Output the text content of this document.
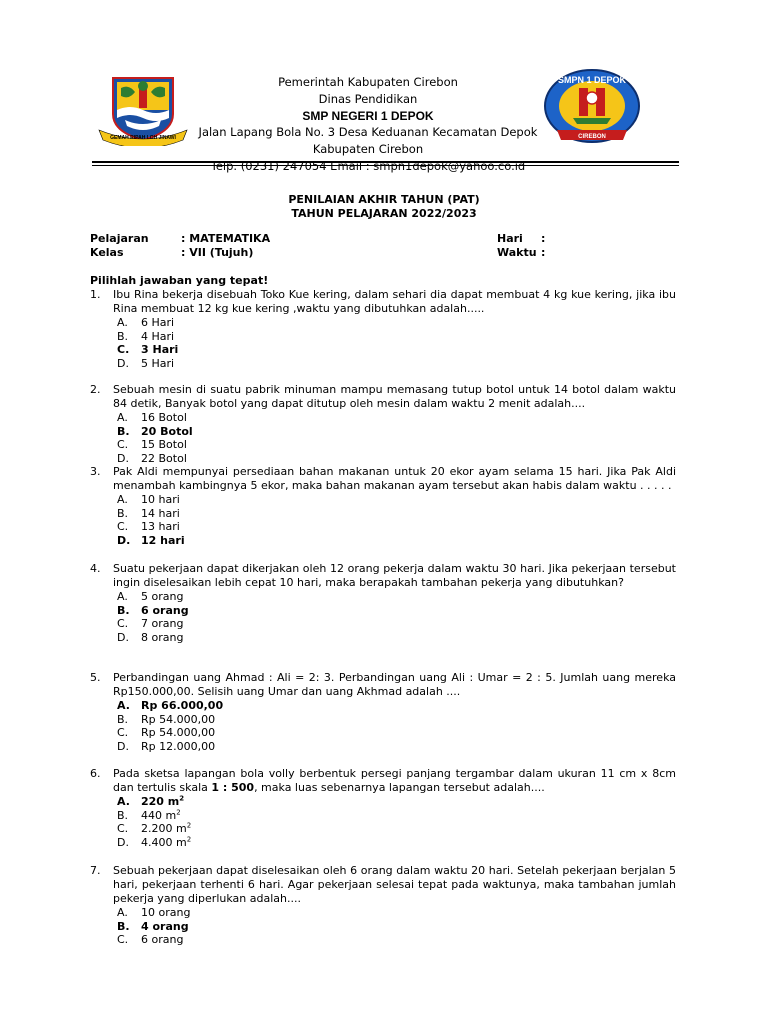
GEMAH RIPAH LOH JINAWI
SMPN 1 DEPOK
CIREBON
Pemerintah Kabupaten Cirebon
Dinas Pendidikan
SMP NEGERI 1 DEPOK
Jalan Lapang Bola No. 3 Desa Keduanan Kecamatan Depok
Kabupaten Cirebon
PENILAIAN AKHIR TAHUN (PAT)
TAHUN PELAJARAN 2022/2023
Pelajaran	: MATEMATIKA
Kelas	: VII (Tujuh)
Hari :
Waktu :
Pilihlah jawaban yang tepat!
1. Ibu Rina bekerja disebuah Toko Kue kering, dalam sehari dia dapat membuat 4 kg kue kering, jika ibu Rina membuat 12 kg kue kering ,waktu yang dibutuhkan adalah.....
A. 6 Hari
B. 4 Hari
C. 3 Hari
D. 5 Hari
2. Sebuah mesin di suatu pabrik minuman mampu memasang tutup botol untuk 14 botol dalam waktu 84 detik, Banyak botol yang dapat ditutup oleh mesin dalam waktu 2 menit adalah....
A. 16 Botol
B. 20 Botol
C. 15 Botol
D. 22 Botol
3. Pak Aldi mempunyai persediaan bahan makanan untuk 20 ekor ayam selama 15 hari. Jika Pak Aldi menambah kambingnya 5 ekor, maka bahan makanan ayam tersebut akan habis dalam waktu . . . . .
A. 10 hari
B. 14 hari
C. 13 hari
D. 12 hari
4. Suatu pekerjaan dapat dikerjakan oleh 12 orang pekerja dalam waktu 30 hari. Jika pekerjaan tersebut ingin diselesaikan lebih cepat 10 hari, maka berapakah tambahan pekerja yang dibutuhkan?
A. 5 orang
B. 6 orang
C. 7 orang
D. 8 orang
5. Perbandingan uang Ahmad : Ali = 2: 3. Perbandingan uang Ali : Umar = 2 : 5. Jumlah uang mereka Rp150.000,00. Selisih uang Umar dan uang Akhmad adalah ....
A. Rp 66.000,00
B. Rp 54.000,00
C. Rp 54.000,00
D. Rp 12.000,00
6. Pada sketsa lapangan bola volly berbentuk persegi panjang tergambar dalam ukuran 11 cm x 8cm dan tertulis skala 1 : 500, maka luas sebenarnya lapangan tersebut adalah....
A. 220 $m^2$
B. 440 $m^2$
C. 2.200 $m^2$
D. 4.400 $m^2$
7. Sebuah pekerjaan dapat diselesaikan oleh 6 orang dalam waktu 20 hari. Setelah pekerjaan berjalan 5 hari, pekerjaan terhenti 6 hari. Agar pekerjaan selesai tepat pada waktunya, maka tambahan jumlah pekerja yang diperlukan adalah....
A. 10 orang
B. 4 orang
C. 6 orang
